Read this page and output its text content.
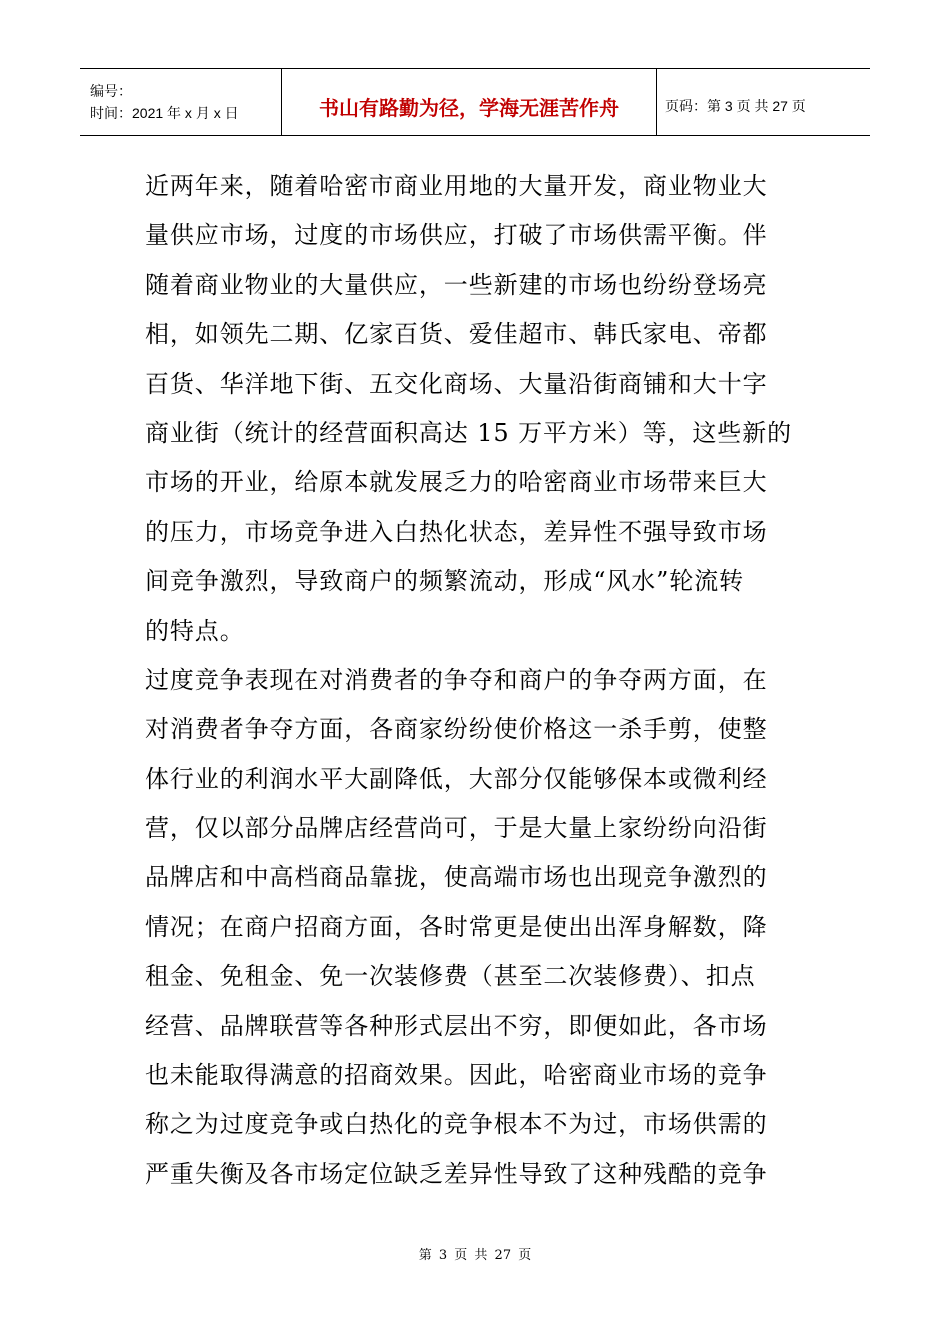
编号：
时间：2021 年 x 月 x 日	书山有路勤为径，学海无涯苦作舟	页码：第 3 页 共 27 页
近两年来，随着哈密市商业用地的大量开发，商业物业大
量供应市场，过度的市场供应，打破了市场供需平衡。伴
随着商业物业的大量供应，一些新建的市场也纷纷登场亮
相，如领先二期、亿家百货、爱佳超市、韩氏家电、帝都
百货、华洋地下街、五交化商场、大量沿街商铺和大十字
商业街（统计的经营面积高达 15 万平方米）等，这些新的
市场的开业，给原本就发展乏力的哈密商业市场带来巨大
的压力，市场竞争进入白热化状态，差异性不强导致市场
间竞争激烈，导致商户的频繁流动，形成“风水”轮流转
的特点。
过度竞争表现在对消费者的争夺和商户的争夺两方面，在
对消费者争夺方面，各商家纷纷使价格这一杀手剪，使整
体行业的利润水平大副降低，大部分仅能够保本或微利经
营，仅以部分品牌店经营尚可，于是大量上家纷纷向沿街
品牌店和中高档商品靠拢，使高端市场也出现竞争激烈的
情况；在商户招商方面，各时常更是使出出浑身解数，降
租金、免租金、免一次装修费（甚至二次装修费）、扣点
经营、品牌联营等各种形式层出不穷，即便如此，各市场
也未能取得满意的招商效果。因此，哈密商业市场的竞争
称之为过度竞争或白热化的竞争根本不为过，市场供需的
严重失衡及各市场定位缺乏差异性导致了这种残酷的竞争
第 3 页 共 27 页
